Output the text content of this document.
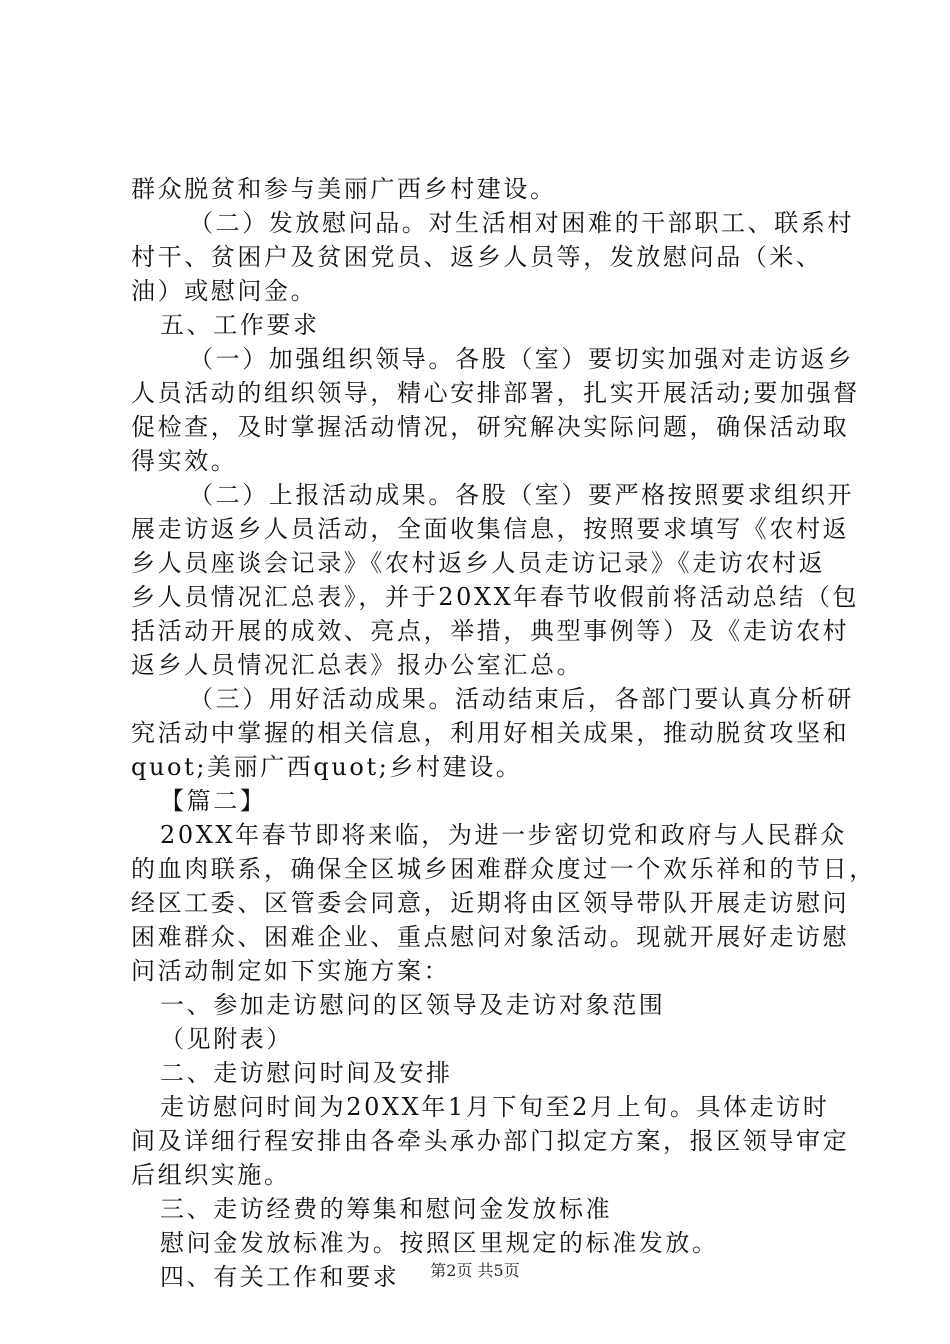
群众脱贫和参与美丽广西乡村建设。
（二）发放慰问品。对生活相对困难的干部职工、联系村
村干、贫困户及贫困党员、返乡人员等，发放慰问品（米、
油）或慰问金。
五、工作要求
（一）加强组织领导。各股（室）要切实加强对走访返乡
人员活动的组织领导，精心安排部署，扎实开展活动;要加强督
促检查，及时掌握活动情况，研究解决实际问题，确保活动取
得实效。
（二）上报活动成果。各股（室）要严格按照要求组织开
展走访返乡人员活动，全面收集信息，按照要求填写《农村返
乡人员座谈会记录》《农村返乡人员走访记录》《走访农村返
乡人员情况汇总表》，并于20XX年春节收假前将活动总结（包
括活动开展的成效、亮点，举措，典型事例等）及《走访农村
返乡人员情况汇总表》报办公室汇总。
（三）用好活动成果。活动结束后，各部门要认真分析研
究活动中掌握的相关信息，利用好相关成果，推动脱贫攻坚和
quot;美丽广西quot;乡村建设。
【篇二】
20XX年春节即将来临，为进一步密切党和政府与人民群众
的血肉联系，确保全区城乡困难群众度过一个欢乐祥和的节日，
经区工委、区管委会同意，近期将由区领导带队开展走访慰问
困难群众、困难企业、重点慰问对象活动。现就开展好走访慰
问活动制定如下实施方案：
一、参加走访慰问的区领导及走访对象范围
（见附表）
二、走访慰问时间及安排
走访慰问时间为20XX年1月下旬至2月上旬。具体走访时
间及详细行程安排由各牵头承办部门拟定方案，报区领导审定
后组织实施。
三、走访经费的筹集和慰问金发放标准
慰问金发放标准为。按照区里规定的标准发放。
四、有关工作和要求	第2页 共5页
